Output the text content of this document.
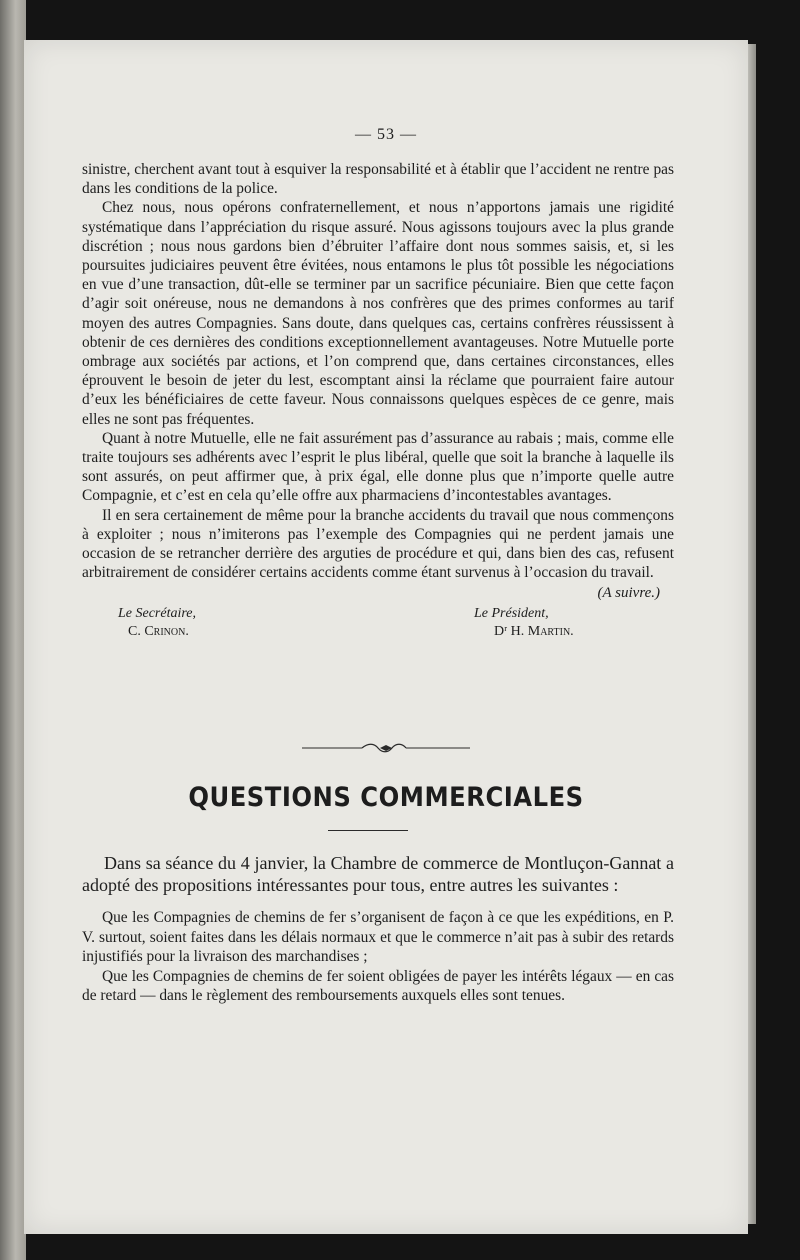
— 53 —

sinistre, cherchent avant tout à esquiver la responsabilité et à établir que l’accident ne rentre pas dans les conditions de la police.

Chez nous, nous opérons confraternellement, et nous n’apportons jamais une rigidité systématique dans l’appréciation du risque assuré. Nous agissons toujours avec la plus grande discrétion ; nous nous gardons bien d’ébruiter l’affaire dont nous sommes saisis, et, si les poursuites judiciaires peuvent être évitées, nous entamons le plus tôt possible les négociations en vue d’une transaction, dût-elle se terminer par un sacrifice pécuniaire. Bien que cette façon d’agir soit onéreuse, nous ne demandons à nos confrères que des primes conformes au tarif moyen des autres Compagnies. Sans doute, dans quelques cas, certains confrères réussissent à obtenir de ces dernières des conditions exceptionnellement avantageuses. Notre Mutuelle porte ombrage aux sociétés par actions, et l’on comprend que, dans certaines circonstances, elles éprouvent le besoin de jeter du lest, escomptant ainsi la réclame que pourraient faire autour d’eux les bénéficiaires de cette faveur. Nous connaissons quelques espèces de ce genre, mais elles ne sont pas fréquentes.

Quant à notre Mutuelle, elle ne fait assurément pas d’assurance au rabais ; mais, comme elle traite toujours ses adhérents avec l’esprit le plus libéral, quelle que soit la branche à laquelle ils sont assurés, on peut affirmer que, à prix égal, elle donne plus que n’importe quelle autre Compagnie, et c’est en cela qu’elle offre aux pharmaciens d’incontestables avantages.

Il en sera certainement de même pour la branche accidents du travail que nous commençons à exploiter ; nous n’imiterons pas l’exemple des Compagnies qui ne perdent jamais une occasion de se retrancher derrière des arguties de procédure et qui, dans bien des cas, refusent arbitrairement de considérer certains accidents comme étant survenus à l’occasion du travail.

(A suivre.)
Le Secrétaire,
C. Crinon.
Le Président,
Dʳ H. Martin.
QUESTIONS COMMERCIALES

Dans sa séance du 4 janvier, la Chambre de commerce de Montluçon-Gannat a adopté des propositions intéressantes pour tous, entre autres les suivantes :

Que les Compagnies de chemins de fer s’organisent de façon à ce que les expéditions, en P. V. surtout, soient faites dans les délais normaux et que le commerce n’ait pas à subir des retards injustifiés pour la livraison des marchandises ;

Que les Compagnies de chemins de fer soient obligées de payer les intérêts légaux — en cas de retard — dans le règlement des remboursements auxquels elles sont tenues.
